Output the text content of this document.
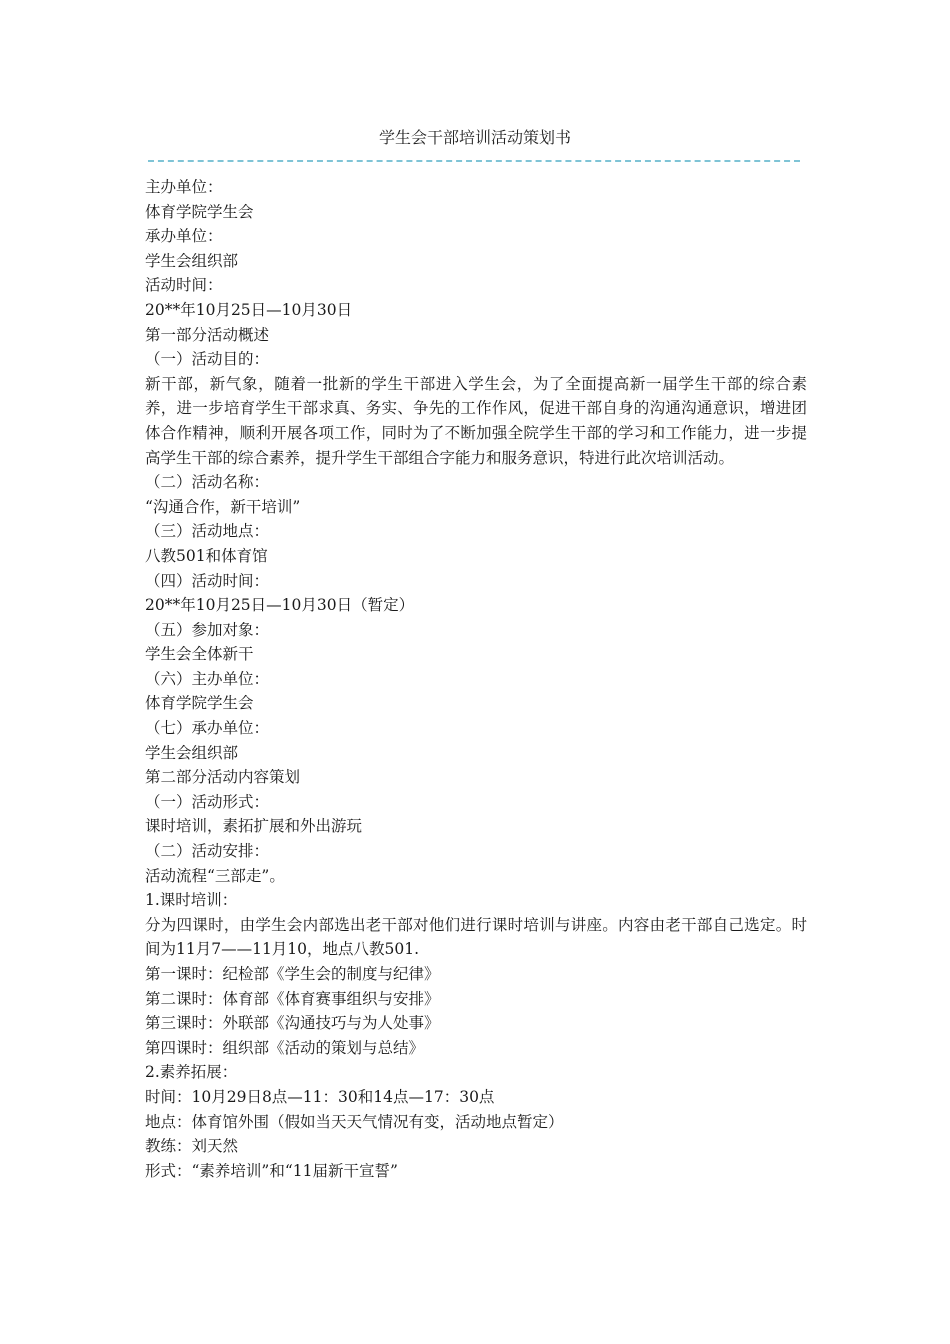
学生会干部培训活动策划书

主办单位：

体育学院学生会

承办单位：

学生会组织部

活动时间：

20**年10月25日—10月30日

第一部分活动概述

（一）活动目的：

新干部，新气象，随着一批新的学生干部进入学生会，为了全面提高新一届学生干部的综合素养，进一步培育学生干部求真、务实、争先的工作作风，促进干部自身的沟通沟通意识，增进团体合作精神，顺利开展各项工作，同时为了不断加强全院学生干部的学习和工作能力，进一步提高学生干部的综合素养，提升学生干部组合字能力和服务意识，特进行此次培训活动。

（二）活动名称：

“沟通合作，新干培训”

（三）活动地点：

八教501和体育馆

（四）活动时间：

20**年10月25日—10月30日（暂定）

（五）参加对象：

学生会全体新干

（六）主办单位：

体育学院学生会

（七）承办单位：

学生会组织部

第二部分活动内容策划

（一）活动形式：

课时培训，素拓扩展和外出游玩

（二）活动安排：

活动流程“三部走”。

1.课时培训：

分为四课时，由学生会内部选出老干部对他们进行课时培训与讲座。内容由老干部自己选定。时间为11月7——11月10，地点八教501.

第一课时：纪检部《学生会的制度与纪律》

第二课时：体育部《体育赛事组织与安排》

第三课时：外联部《沟通技巧与为人处事》

第四课时：组织部《活动的策划与总结》

2.素养拓展：

时间：10月29日8点—11：30和14点—17：30点

地点：体育馆外围（假如当天天气情况有变，活动地点暂定）

教练：刘天然

形式：“素养培训”和“11届新干宣誓”
